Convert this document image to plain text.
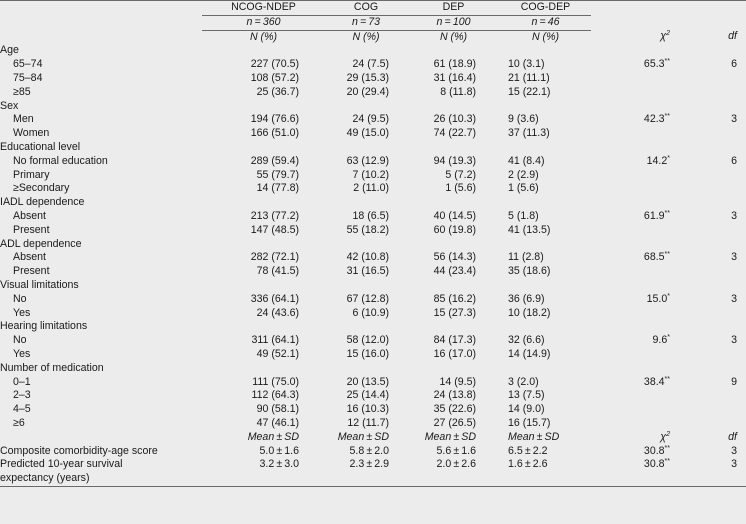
	NCOG-NDEP	COG	DEP	COG-DEP		
	n = 360	n = 73	n = 100	n = 46		
	N (%)	N (%)	N (%)	N (%)	$\chi^2$	df
Age						
65–74	227 (70.5)	24 (7.5)	61 (18.9)	10 (3.1)	65.3**	6
75–84	108 (57.2)	29 (15.3)	31 (16.4)	21 (11.1)		
≥85	25 (36.7)	20 (29.4)	8 (11.8)	15 (22.1)		
Sex						
Men	194 (76.6)	24 (9.5)	26 (10.3)	9 (3.6)	42.3**	3
Women	166 (51.0)	49 (15.0)	74 (22.7)	37 (11.3)		
Educational level						
No formal education	289 (59.4)	63 (12.9)	94 (19.3)	41 (8.4)	14.2*	6
Primary	55 (79.7)	7 (10.2)	5 (7.2)	2 (2.9)		
≥Secondary	14 (77.8)	2 (11.0)	1 (5.6)	1 (5.6)		
IADL dependence						
Absent	213 (77.2)	18 (6.5)	40 (14.5)	5 (1.8)	61.9**	3
Present	147 (48.5)	55 (18.2)	60 (19.8)	41 (13.5)		
ADL dependence						
Absent	282 (72.1)	42 (10.8)	56 (14.3)	11 (2.8)	68.5**	3
Present	78 (41.5)	31 (16.5)	44 (23.4)	35 (18.6)		
Visual limitations						
No	336 (64.1)	67 (12.8)	85 (16.2)	36 (6.9)	15.0*	3
Yes	24 (43.6)	6 (10.9)	15 (27.3)	10 (18.2)		
Hearing limitations						
No	311 (64.1)	58 (12.0)	84 (17.3)	32 (6.6)	9.6*	3
Yes	49 (52.1)	15 (16.0)	16 (17.0)	14 (14.9)		
Number of medication						
0–1	111 (75.0)	20 (13.5)	14 (9.5)	3 (2.0)	38.4**	9
2–3	112 (64.3)	25 (14.4)	24 (13.8)	13 (7.5)		
4–5	90 (58.1)	16 (10.3)	35 (22.6)	14 (9.0)		
≥6	47 (46.1)	12 (11.7)	27 (26.5)	16 (15.7)		
	Mean ± SD	Mean ± SD	Mean ± SD	Mean ± SD	$\chi^2$	df
Composite comorbidity-age score	5.0 ± 1.6	5.8 ± 2.0	5.6 ± 1.6	6.5 ± 2.2	30.8**	3
Predicted 10-year survival	3.2 ± 3.0	2.3 ± 2.9	2.0 ± 2.6	1.6 ± 2.6	30.8**	3
expectancy (years)						
